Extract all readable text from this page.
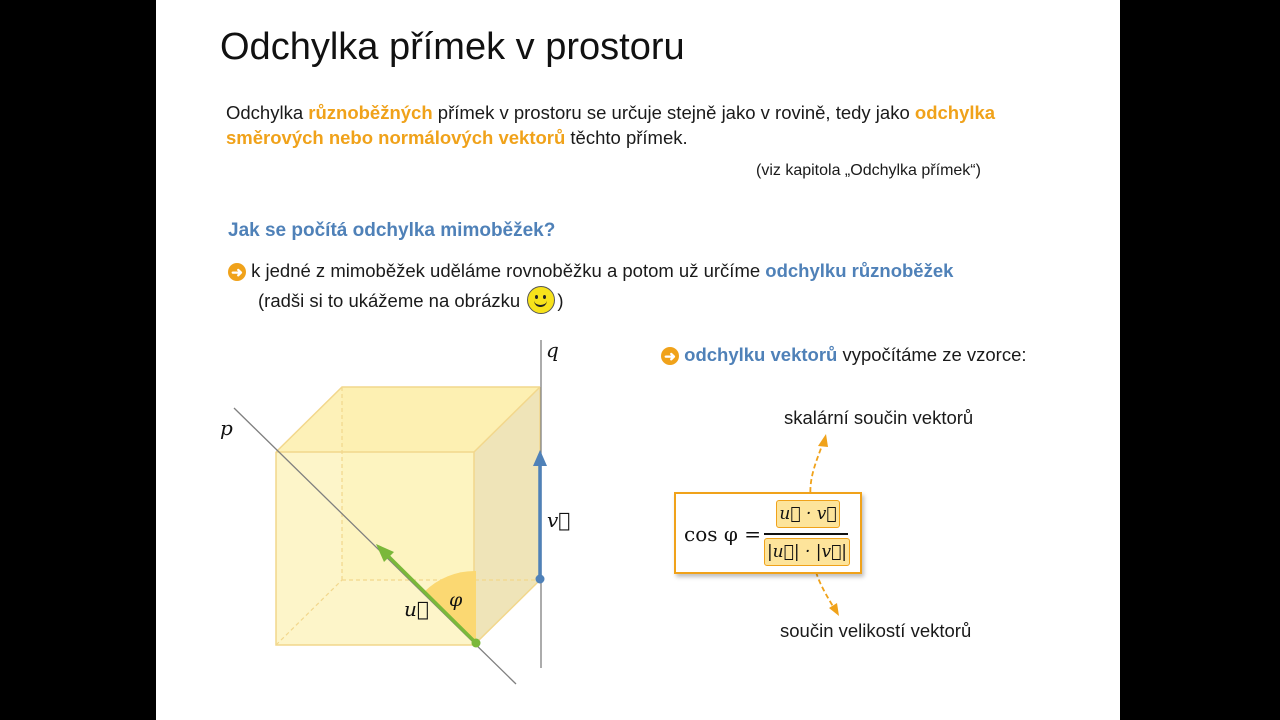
Odchylka přímek v prostoru
Odchylka různoběžných přímek v prostoru se určuje stejně jako v rovině, tedy jako odchylka směrových nebo normálových vektorů těchto přímek.
(viz kapitola „Odchylka přímek“)
Jak se počítá odchylka mimoběžek?
➜ k jedné z mimoběžek uděláme rovnoběžku a potom už určíme odchylku různoběžek
(radši si to ukážeme na obrázku )
p
q
v⃗
u⃗ φ
➜ odchylku vektorů vypočítáme ze vzorce:
skalární součin vektorů
cos φ =
u⃗ · v⃗
|u⃗| · |v⃗|
součin velikostí vektorů
